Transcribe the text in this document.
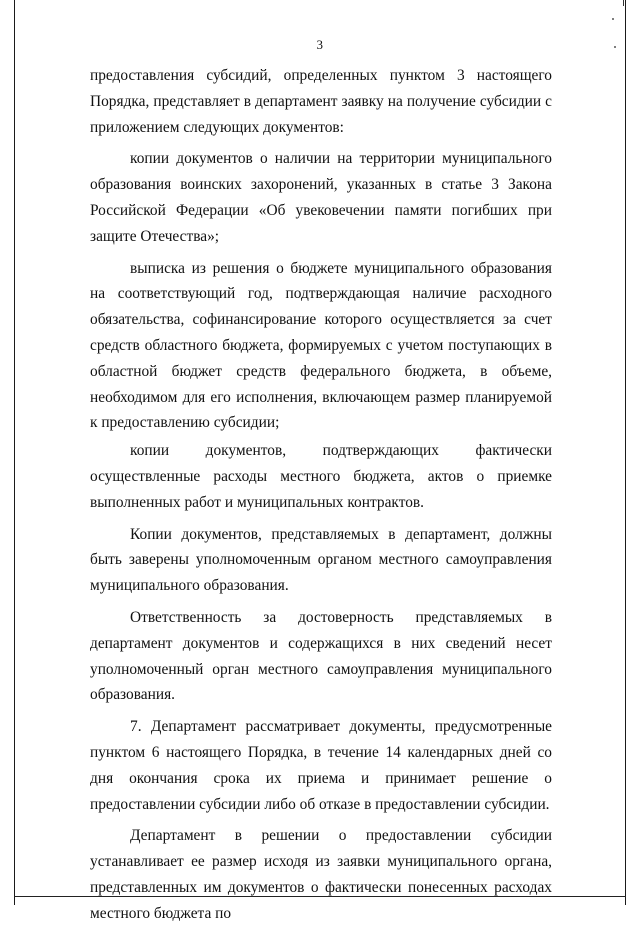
3

предоставления субсидий, определенных пунктом 3 настоящего Порядка, представляет в департамент заявку на получение субсидии с приложением следующих документов:

копии документов о наличии на территории муниципального образования воинских захоронений, указанных в статье 3 Закона Российской Федерации «Об увековечении памяти погибших при защите Отечества»;

выписка из решения о бюджете муниципального образования на соответствующий год, подтверждающая наличие расходного обязательства, софинансирование которого осуществляется за счет средств областного бюджета, формируемых с учетом поступающих в областной бюджет средств федерального бюджета, в объеме, необходимом для его исполнения, включающем размер планируемой к предоставлению субсидии;

копии документов, подтверждающих фактически осуществленные расходы местного бюджета, актов о приемке выполненных работ и муниципальных контрактов.

Копии документов, представляемых в департамент, должны быть заверены уполномоченным органом местного самоуправления муниципального образования.

Ответственность за достоверность представляемых в департамент документов и содержащихся в них сведений несет уполномоченный орган местного самоуправления муниципального образования.

7. Департамент рассматривает документы, предусмотренные пунктом 6 настоящего Порядка, в течение 14 календарных дней со дня окончания срока их приема и принимает решение о предоставлении субсидии либо об отказе в предоставлении субсидии.

Департамент в решении о предоставлении субсидии устанавливает ее размер исходя из заявки муниципального органа, представленных им документов о фактически понесенных расходах местного бюджета по
